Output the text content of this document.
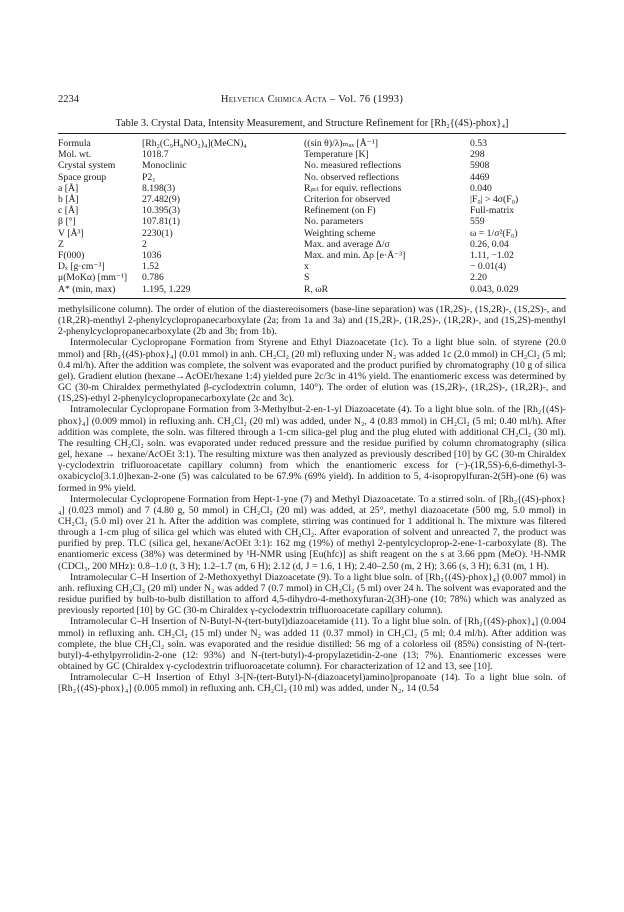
2234	Helvetica Chimica Acta – Vol. 76 (1993)
Table 3. Crystal Data, Intensity Measurement, and Structure Refinement for [Rh₂{(4S)-phox}₄]
Formula	[Rh₂(C₉H₈NO₂)₄](MeCN)₄	((sin θ)/λ)ₘₐₓ [Å⁻¹]	0.53
Mol. wt.	1018.7	Temperature [K]	298
Crystal system	Monoclinic	No. measured reflections	5908
Space group	P2₁	No. observed reflections	4469
a [Å]	8.198(3)	Rᵢₙₜ for equiv. reflections	0.040
b [Å]	27.482(9)	Criterion for observed	|F₀| > 4σ(F₀)
c [Å]	10.395(3)	Refinement (on F)	Full-matrix
β [°]	107.81(1)	No. parameters	559
V [Å³]	2230(1)	Weighting scheme	ω = 1/σ²(F₀)
Z	2	Max. and average Δ/σ	0.26, 0.04
F(000)	1036	Max. and min. Δρ [e·Å⁻³]	1.11, −1.02
Dₓ [g·cm⁻³]	1.52	x	− 0.01(4)
μ(MoKα) [mm⁻¹]	0.786	S	2.20
A* (min, max)	1.195, 1.229	R, ωR	0.043, 0.029

methylsilicone column). The order of elution of the diastereoisomers (base-line separation) was (1R,2S)-, (1S,2R)-, (1S,2S)-, and (1R,2R)-menthyl 2-phenylcyclopropanecarboxylate (2a; from 1a and 3a) and (1S,2R)-, (1R,2S)-, (1R,2R)-, and (1S,2S)-menthyl 2-phenylcyclopropanecarboxylate (2b and 3b; from 1b).

Intermolecular Cyclopropane Formation from Styrene and Ethyl Diazoacetate (1c). To a light blue soln. of styrene (20.0 mmol) and [Rh₂{(4S)-phox}₄] (0.01 mmol) in anh. CH₂Cl₂ (20 ml) refluxing under N₂ was added 1c (2.0 mmol) in CH₂Cl₂ (5 ml; 0.4 ml/h). After the addition was complete, the solvent was evaporated and the product purified by chromatography (10 g of silica gel). Gradient elution (hexane→AcOEt/hexane 1:4) yielded pure 2c/3c in 41% yield. The enantiomeric excess was determined by GC (30-m Chiraldex permethylated β-cyclodextrin column, 140°). The order of elution was (1S,2R)-, (1R,2S)-, (1R,2R)-, and (1S,2S)-ethyl 2-phenylcyclopropanecarboxylate (2c and 3c).

Intramolecular Cyclopropane Formation from 3-Methylbut-2-en-1-yl Diazoacetate (4). To a light blue soln. of the [Rh₂{(4S)-phox}₄] (0.009 mmol) in refluxing anh. CH₂Cl₂ (20 ml) was added, under N₂, 4 (0.83 mmol) in CH₂Cl₂ (5 ml; 0.40 ml/h). After addition was complete, the soln. was filtered through a 1-cm silica-gel plug and the plug eluted with additional CH₂Cl₂ (30 ml). The resulting CH₂Cl₂ soln. was evaporated under reduced pressure and the residue purified by column chromatography (silica gel, hexane → hexane/AcOEt 3:1). The resulting mixture was then analyzed as previously described [10] by GC (30-m Chiraldex γ-cyclodextrin trifluoroacetate capillary column) from which the enantiomeric excess for (−)-(1R,5S)-6,6-dimethyl-3-oxabicyclo[3.1.0]hexan-2-one (5) was calculated to be 67.9% (69% yield). In addition to 5, 4-isopropylfuran-2(5H)-one (6) was formed in 9% yield.

Intermolecular Cyclopropene Formation from Hept-1-yne (7) and Methyl Diazoacetate. To a stirred soln. of [Rh₂{(4S)-phox}₄] (0.023 mmol) and 7 (4.80 g, 50 mmol) in CH₂Cl₂ (20 ml) was added, at 25°, methyl diazoacetate (500 mg, 5.0 mmol) in CH₂Cl₂ (5.0 ml) over 21 h. After the addition was complete, stirring was continued for 1 additional h. The mixture was filtered through a 1-cm plug of silica gel which was eluted with CH₂Cl₂. After evaporation of solvent and unreacted 7, the product was purified by prep. TLC (silica gel, hexane/AcOEt 3:1): 162 mg (19%) of methyl 2-pentylcycloprop-2-ene-1-carboxylate (8). The enantiomeric excess (38%) was determined by ¹H-NMR using [Eu(hfc)] as shift reagent on the s at 3.66 ppm (MeO). ¹H-NMR (CDCl₃, 200 MHz): 0.8–1.0 (t, 3 H); 1.2–1.7 (m, 6 H); 2.12 (d, J = 1.6, 1 H); 2.40–2.50 (m, 2 H); 3.66 (s, 3 H); 6.31 (m, 1 H).

Intramolecular C–H Insertion of 2-Methoxyethyl Diazoacetate (9). To a light blue soln. of [Rh₂{(4S)-phox}₄] (0.007 mmol) in anh. refluxing CH₂Cl₂ (20 ml) under N₂ was added 7 (0.7 mmol) in CH₂Cl₂ (5 ml) over 24 h. The solvent was evaporated and the residue purified by bulb-to-bulb distillation to afford 4,5-dihydro-4-methoxyfuran-2(3H)-one (10; 78%) which was analyzed as previously reported [10] by GC (30-m Chiraldex γ-cyclodextrin trifluoroacetate capillary column).

Intramolecular C–H Insertion of N-Butyl-N-(tert-butyl)diazoacetamide (11). To a light blue soln. of [Rh₂{(4S)-phox}₄] (0.004 mmol) in refluxing anh. CH₂Cl₂ (15 ml) under N₂ was added 11 (0.37 mmol) in CH₂Cl₂ (5 ml; 0.4 ml/h). After addition was complete, the blue CH₂Cl₂ soln. was evaporated and the residue distilled: 56 mg of a colorless oil (85%) consisting of N-(tert-butyl)-4-ethylpyrrolidin-2-one (12: 93%) and N-(tert-butyl)-4-propylazetidin-2-one (13; 7%). Enantiomeric excesses were obtained by GC (Chiraldex γ-cyclodextrin trifluoroacetate column). For characterization of 12 and 13, see [10].

Intramolecular C–H Insertion of Ethyl 3-[N-(tert-Butyl)-N-(diazoacetyl)amino]propanoate (14). To a light blue soln. of [Rh₂{(4S)-phox}₄] (0.005 mmol) in refluxing anh. CH₂Cl₂ (10 ml) was added, under N₂, 14 (0.54
